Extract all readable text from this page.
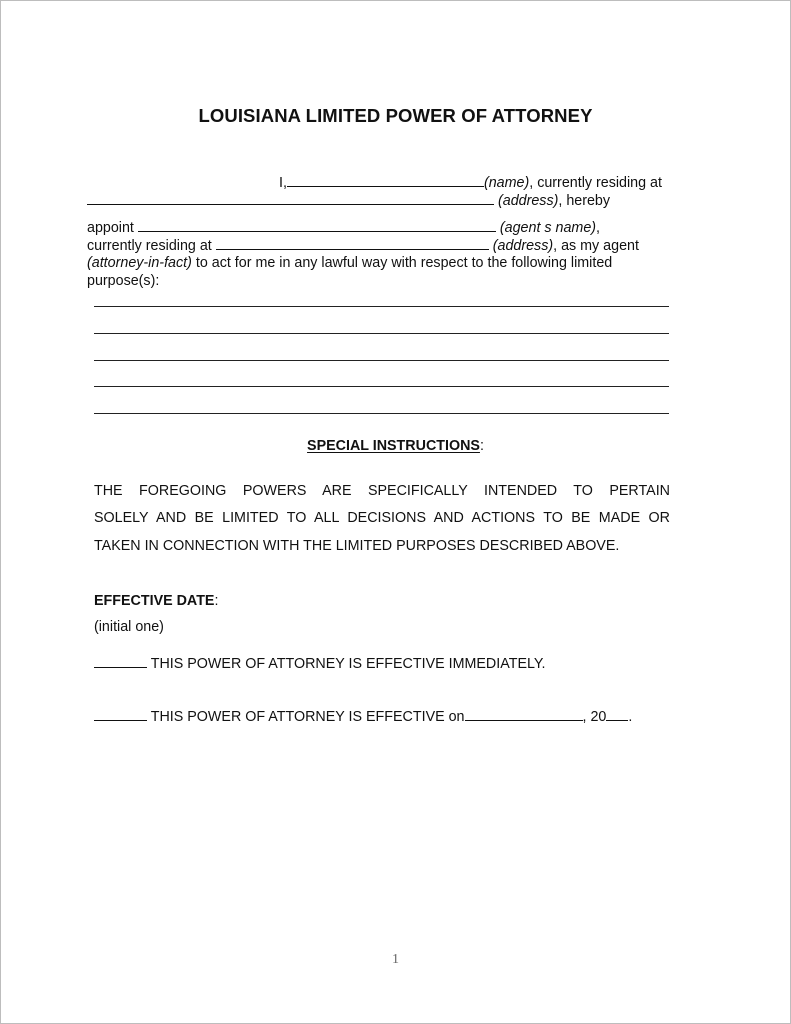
LOUISIANA LIMITED POWER OF ATTORNEY
I,	(name), currently residing at
(address), hereby
appoint	(agent s name),
currently residing at	(address), as my agent
(attorney-in-fact) to act for me in any lawful way with respect to the following limited
purpose(s):
SPECIAL INSTRUCTIONS:
THE FOREGOING POWERS ARE SPECIFICALLY INTENDED TO PERTAIN
SOLELY AND BE LIMITED TO ALL DECISIONS AND ACTIONS TO BE MADE OR
TAKEN IN CONNECTION WITH THE LIMITED PURPOSES DESCRIBED ABOVE.
EFFECTIVE DATE:
(initial one)
THIS POWER OF ATTORNEY IS EFFECTIVE IMMEDIATELY.
THIS POWER OF ATTORNEY IS EFFECTIVE on	, 20 .
1
